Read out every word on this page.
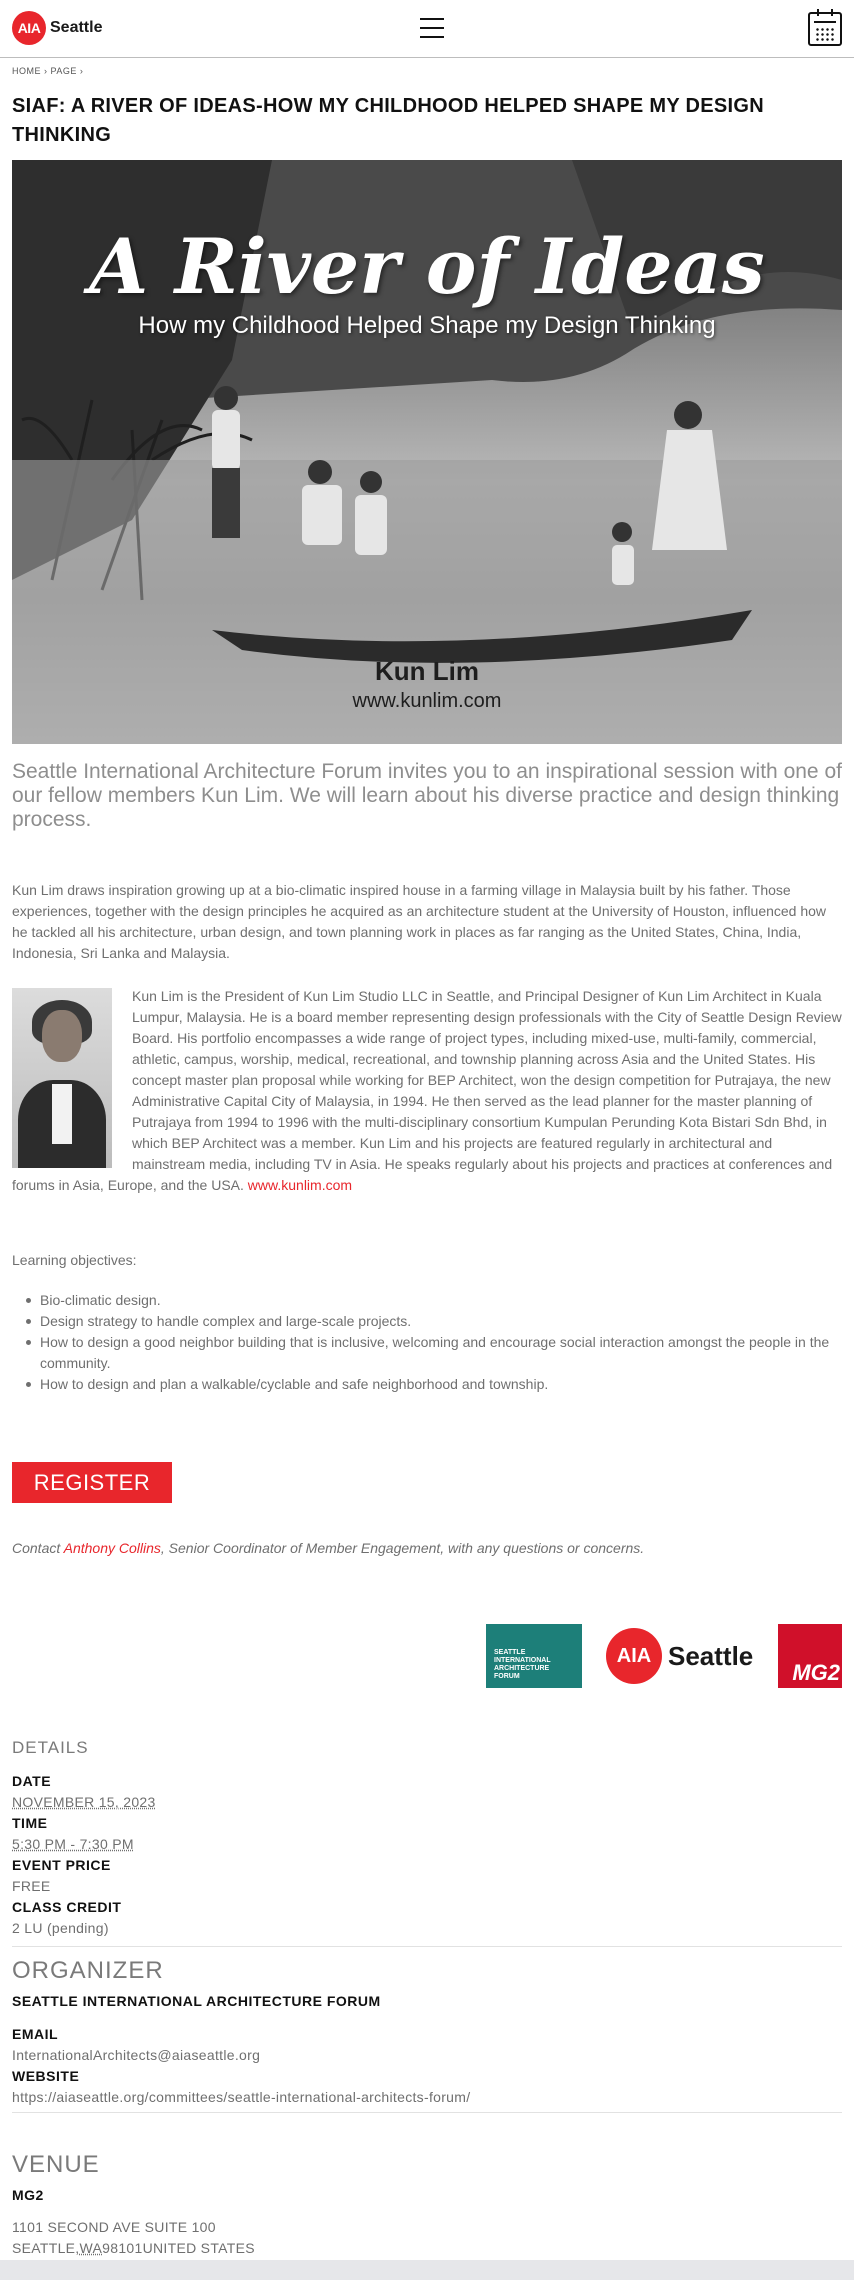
AIA Seattle
HOME › PAGE ›
SIAF: A RIVER OF IDEAS-HOW MY CHILDHOOD HELPED SHAPE MY DESIGN THINKING
A River of Ideas
How my Childhood Helped Shape my Design Thinking
Kun Lim
www.kunlim.com

Seattle International Architecture Forum invites you to an inspirational session with one of our fellow members Kun Lim. We will learn about his diverse practice and design thinking process.

Kun Lim draws inspiration growing up at a bio-climatic inspired house in a farming village in Malaysia built by his father. Those experiences, together with the design principles he acquired as an architecture student at the University of Houston, influenced how he tackled all his architecture, urban design, and town planning work in places as far ranging as the United States, China, India, Indonesia, Sri Lanka and Malaysia.

Kun Lim is the President of Kun Lim Studio LLC in Seattle, and Principal Designer of Kun Lim Architect in Kuala Lumpur, Malaysia. He is a board member representing design professionals with the City of Seattle Design Review Board. His portfolio encompasses a wide range of project types, including mixed-use, multi-family, commercial, athletic, campus, worship, medical, recreational, and township planning across Asia and the United States. His concept master plan proposal while working for BEP Architect, won the design competition for Putrajaya, the new Administrative Capital City of Malaysia, in 1994. He then served as the lead planner for the master planning of Putrajaya from 1994 to 1996 with the multi-disciplinary consortium Kumpulan Perunding Kota Bistari Sdn Bhd, in which BEP Architect was a member. Kun Lim and his projects are featured regularly in architectural and mainstream media, including TV in Asia. He speaks regularly about his projects and practices at conferences and forums in Asia, Europe, and the USA. www.kunlim.com

Learning objectives:

Bio-climatic design.
Design strategy to handle complex and large-scale projects.
How to design a good neighbor building that is inclusive, welcoming and encourage social interaction amongst the people in the community.
How to design and plan a walkable/cyclable and safe neighborhood and township.
REGISTER

Contact Anthony Collins, Senior Coordinator of Member Engagement, with any questions or concerns.

SEATTLE INTERNATIONAL ARCHITECTURE FORUM
AIA Seattle
MG2
DETAILS
DATE
NOVEMBER 15, 2023
TIME
5:30 PM - 7:30 PM
EVENT PRICE
FREE
CLASS CREDIT
2 LU (pending)
ORGANIZER
SEATTLE INTERNATIONAL ARCHITECTURE FORUM
EMAIL
InternationalArchitects@aiaseattle.org
WEBSITE
https://aiaseattle.org/committees/seattle-international-architects-forum/
VENUE
MG2
1101 SECOND AVE SUITE 100
SEATTLE,WA98101UNITED STATES
